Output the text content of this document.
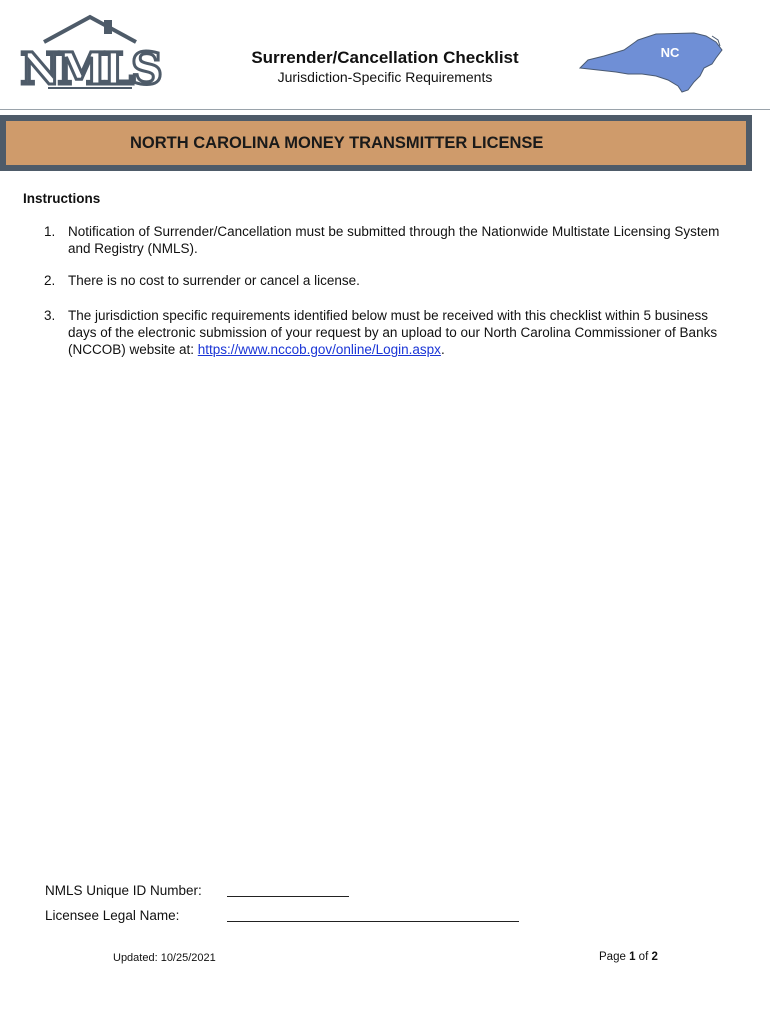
NMLS	Surrender/Cancellation Checklist
Jurisdiction-Specific Requirements
NC
NORTH CAROLINA MONEY TRANSMITTER LICENSE
Instructions
1. Notification of Surrender/Cancellation must be submitted through the Nationwide Multistate Licensing System and Registry (NMLS).
2. There is no cost to surrender or cancel a license.
3. The jurisdiction specific requirements identified below must be received with this checklist within 5 business days of the electronic submission of your request by an upload to our North Carolina Commissioner of Banks (NCCOB) website at: https://www.nccob.gov/online/Login.aspx.
NMLS Unique ID Number:
Licensee Legal Name:
Updated: 10/25/2021	Page 1 of 2
